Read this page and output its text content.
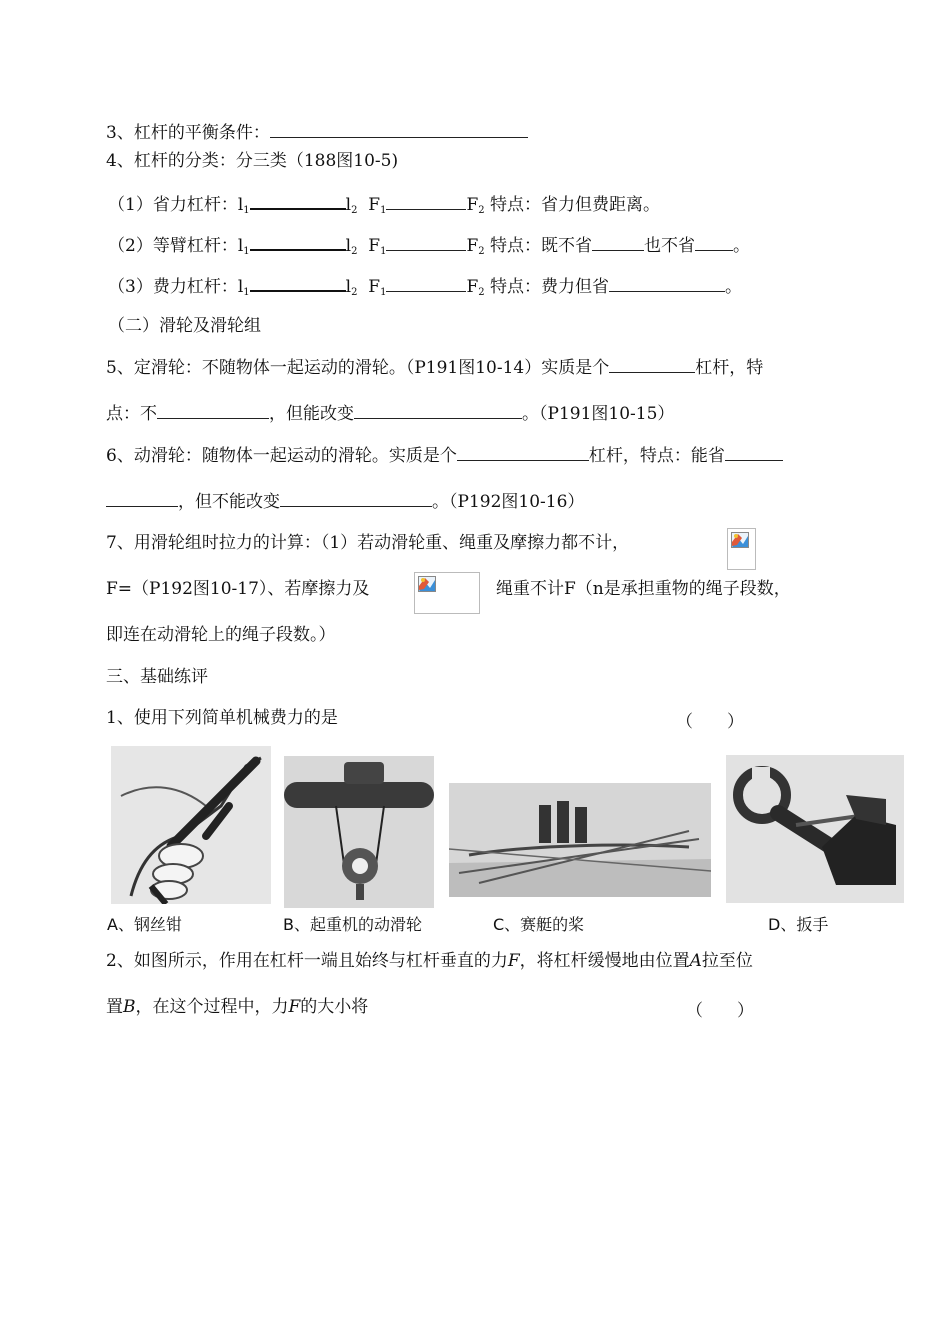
3、杠杆的平衡条件：
4、杠杆的分类：分三类（188图10-5)
（1）省力杠杆：$l_1$	$l_2$ $F_1$	$F_2$ 特点：省力但费距离。
（2）等臂杠杆：$l_1$	$l_2$ $F_1$	$F_2$ 特点：既不省	也不省 。
（3）费力杠杆：$l_1$	$l_2$ $F_1$	$F_2$ 特点：费力但省	。
（二）滑轮及滑轮组
5、定滑轮：不随物体一起运动的滑轮。（P191图10-14）实质是个	杠杆，特
点：不	，但能改变	。（P191图10-15）
6、动滑轮：随物体一起运动的滑轮。实质是个	杠杆，特点：能省
，但不能改变	。（P192图10-16）
7、用滑轮组时拉力的计算：（1）若动滑轮重、绳重及摩擦力都不计，
F=（P192图10-17）、若摩擦力及	绳重不计F（n是承担重物的绳子段数，
即连在动滑轮上的绳子段数。）
三、基础练评
1、使用下列简单机械费力的是	（　　）
A、钢丝钳	B、起重机的动滑轮	C、赛艇的桨	D、扳手
2、如图所示，作用在杠杆一端且始终与杠杆垂直的力F，将杠杆缓慢地由位置A拉至位
置B，在这个过程中，力F的大小将	（　　）
